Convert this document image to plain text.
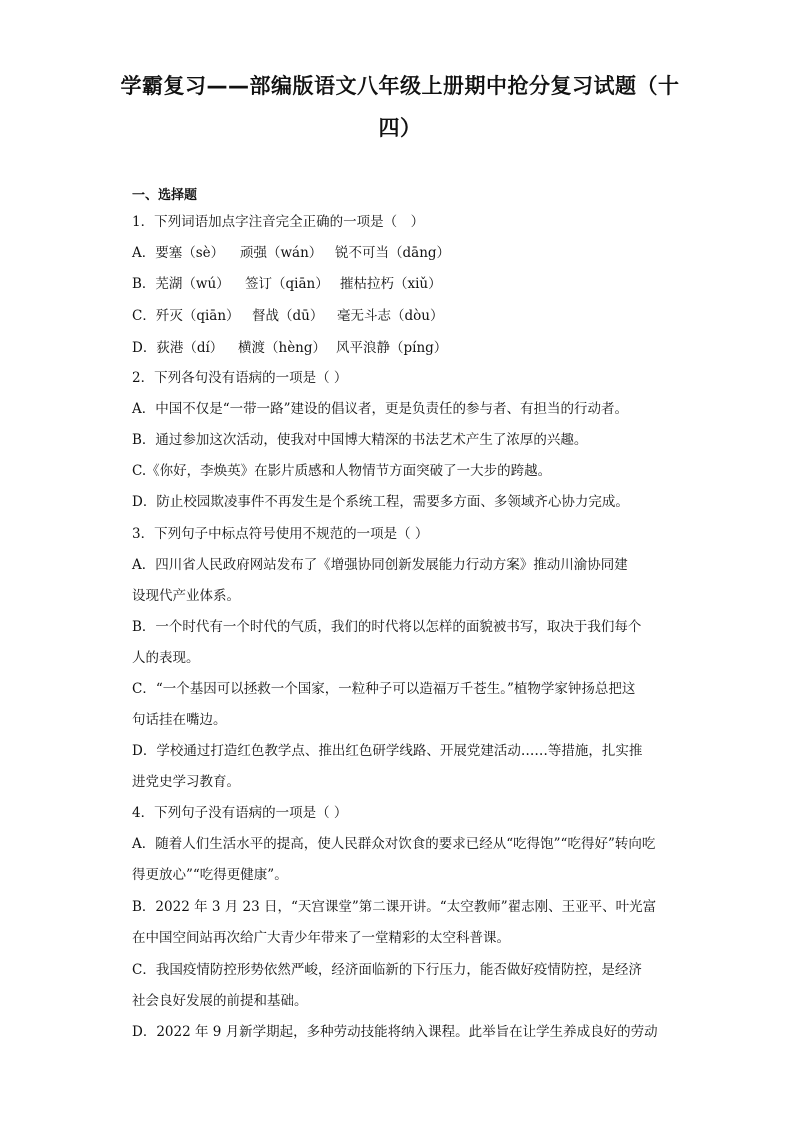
学霸复习——部编版语文八年级上册期中抢分复习试题（十
四）
一、选择题
1．下列词语加点字注音完全正确的一项是（　）
A．要塞（sè） 顽强（wán） 锐不可当（dāng）
B．芜湖（wú） 签订（qiān） 摧枯拉朽（xiǔ）
C．歼灭（qiān） 督战（dū） 毫无斗志（dòu）
D．荻港（dí） 横渡（hèng） 风平浪静（píng）
2．下列各句没有语病的一项是（ ）
A．中国不仅是“一带一路”建设的倡议者，更是负责任的参与者、有担当的行动者。
B．通过参加这次活动，使我对中国博大精深的书法艺术产生了浓厚的兴趣。
C.《你好，李焕英》在影片质感和人物情节方面突破了一大步的跨越。
D．防止校园欺凌事件不再发生是个系统工程，需要多方面、多领域齐心协力完成。
3．下列句子中标点符号使用不规范的一项是（ ）
A．四川省人民政府网站发布了《增强协同创新发展能力行动方案》推动川渝协同建
设现代产业体系。
B．一个时代有一个时代的气质，我们的时代将以怎样的面貌被书写，取决于我们每个
人的表现。
C．“一个基因可以拯救一个国家，一粒种子可以造福万千苍生。”植物学家钟扬总把这
句话挂在嘴边。
D．学校通过打造红色教学点、推出红色研学线路、开展党建活动……等措施，扎实推
进党史学习教育。
4．下列句子没有语病的一项是（ ）
A．随着人们生活水平的提高，使人民群众对饮食的要求已经从“吃得饱”“吃得好”转向吃
得更放心”“吃得更健康”。
B．2022 年 3 月 23 日，“天宫课堂”第二课开讲。“太空教师”翟志刚、王亚平、叶光富
在中国空间站再次给广大青少年带来了一堂精彩的太空科普课。
C．我国疫情防控形势依然严峻，经济面临新的下行压力，能否做好疫情防控，是经济
社会良好发展的前提和基础。
D．2022 年 9 月新学期起，多种劳动技能将纳入课程。此举旨在让学生养成良好的劳动
